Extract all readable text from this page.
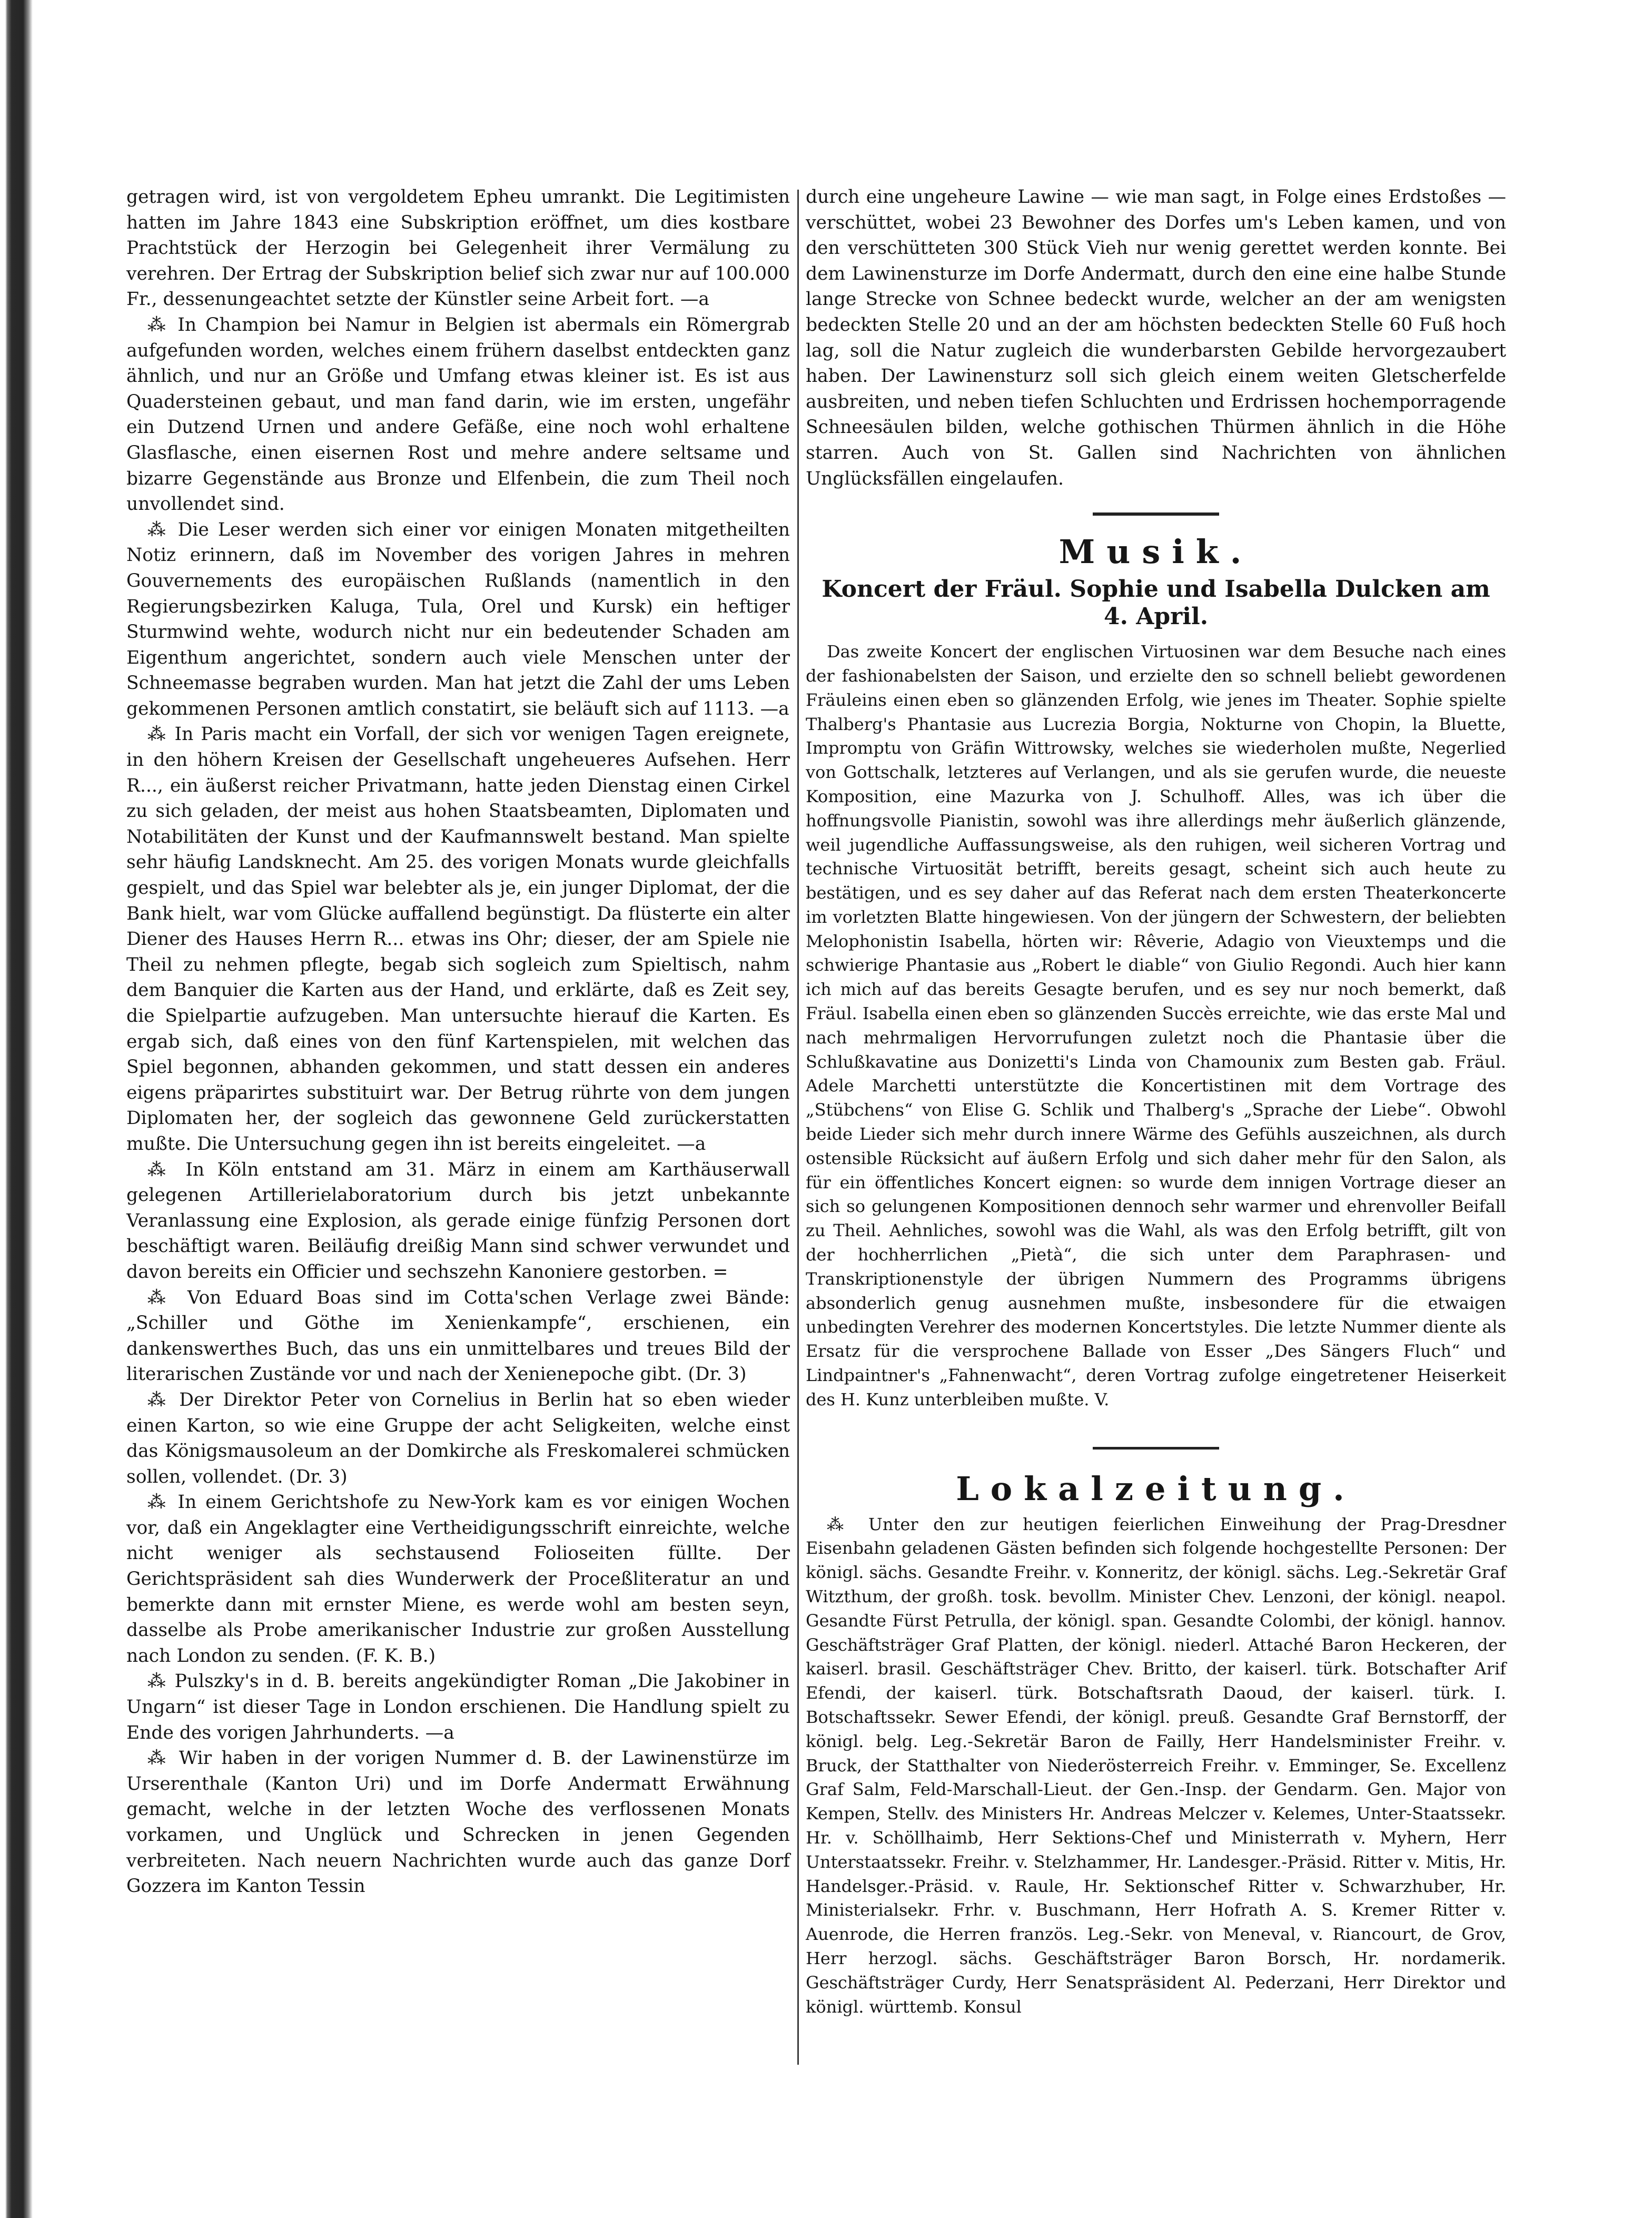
getragen wird, ist von vergoldetem Epheu umrankt. Die Legitimisten hatten im Jahre 1843 eine Subskription eröffnet, um dies kostbare Prachtstück der Herzogin bei Gelegenheit ihrer Vermälung zu verehren. Der Ertrag der Subskription belief sich zwar nur auf 100.000 Fr., dessenungeachtet setzte der Künstler seine Arbeit fort. —a

⁂ In Champion bei Namur in Belgien ist abermals ein Römergrab aufgefunden worden, welches einem frühern daselbst entdeckten ganz ähnlich, und nur an Größe und Umfang etwas kleiner ist. Es ist aus Quadersteinen gebaut, und man fand darin, wie im ersten, ungefähr ein Dutzend Urnen und andere Gefäße, eine noch wohl erhaltene Glasflasche, einen eisernen Rost und mehre andere seltsame und bizarre Gegenstände aus Bronze und Elfenbein, die zum Theil noch unvollendet sind.

⁂ Die Leser werden sich einer vor einigen Monaten mitgetheilten Notiz erinnern, daß im November des vorigen Jahres in mehren Gouvernements des europäischen Rußlands (namentlich in den Regierungsbezirken Kaluga, Tula, Orel und Kursk) ein heftiger Sturmwind wehte, wodurch nicht nur ein bedeutender Schaden am Eigenthum angerichtet, sondern auch viele Menschen unter der Schneemasse begraben wurden. Man hat jetzt die Zahl der ums Leben gekommenen Personen amtlich constatirt, sie beläuft sich auf 1113. —a

⁂ In Paris macht ein Vorfall, der sich vor wenigen Tagen ereignete, in den höhern Kreisen der Gesellschaft ungeheueres Aufsehen. Herr R..., ein äußerst reicher Privatmann, hatte jeden Dienstag einen Cirkel zu sich geladen, der meist aus hohen Staatsbeamten, Diplomaten und Notabilitäten der Kunst und der Kaufmannswelt bestand. Man spielte sehr häufig Landsknecht. Am 25. des vorigen Monats wurde gleichfalls gespielt, und das Spiel war belebter als je, ein junger Diplomat, der die Bank hielt, war vom Glücke auffallend begünstigt. Da flüsterte ein alter Diener des Hauses Herrn R... etwas ins Ohr; dieser, der am Spiele nie Theil zu nehmen pflegte, begab sich sogleich zum Spieltisch, nahm dem Banquier die Karten aus der Hand, und erklärte, daß es Zeit sey, die Spielpartie aufzugeben. Man untersuchte hierauf die Karten. Es ergab sich, daß eines von den fünf Kartenspielen, mit welchen das Spiel begonnen, abhanden gekommen, und statt dessen ein anderes eigens präparirtes substituirt war. Der Betrug rührte von dem jungen Diplomaten her, der sogleich das gewonnene Geld zurückerstatten mußte. Die Untersuchung gegen ihn ist bereits eingeleitet. —a

⁂ In Köln entstand am 31. März in einem am Karthäuserwall gelegenen Artillerielaboratorium durch bis jetzt unbekannte Veranlassung eine Explosion, als gerade einige fünfzig Personen dort beschäftigt waren. Beiläufig dreißig Mann sind schwer verwundet und davon bereits ein Officier und sechszehn Kanoniere gestorben. =

⁂ Von Eduard Boas sind im Cotta'schen Verlage zwei Bände: „Schiller und Göthe im Xenienkampfe“, erschienen, ein dankenswerthes Buch, das uns ein unmittelbares und treues Bild der literarischen Zustände vor und nach der Xenienepoche gibt. (Dr. 3)

⁂ Der Direktor Peter von Cornelius in Berlin hat so eben wieder einen Karton, so wie eine Gruppe der acht Seligkeiten, welche einst das Königsmausoleum an der Domkirche als Freskomalerei schmücken sollen, vollendet. (Dr. 3)

⁂ In einem Gerichtshofe zu New-York kam es vor einigen Wochen vor, daß ein Angeklagter eine Vertheidigungsschrift einreichte, welche nicht weniger als sechstausend Folioseiten füllte. Der Gerichtspräsident sah dies Wunderwerk der Proceßliteratur an und bemerkte dann mit ernster Miene, es werde wohl am besten seyn, dasselbe als Probe amerikanischer Industrie zur großen Ausstellung nach London zu senden. (F. K. B.)

⁂ Pulszky's in d. B. bereits angekündigter Roman „Die Jakobiner in Ungarn“ ist dieser Tage in London erschienen. Die Handlung spielt zu Ende des vorigen Jahrhunderts. —a

⁂ Wir haben in der vorigen Nummer d. B. der Lawinenstürze im Urserenthale (Kanton Uri) und im Dorfe Andermatt Erwähnung gemacht, welche in der letzten Woche des verflossenen Monats vorkamen, und Unglück und Schrecken in jenen Gegenden verbreiteten. Nach neuern Nachrichten wurde auch das ganze Dorf Gozzera im Kanton Tessin

durch eine ungeheure Lawine — wie man sagt, in Folge eines Erdstoßes — verschüttet, wobei 23 Bewohner des Dorfes um's Leben kamen, und von den verschütteten 300 Stück Vieh nur wenig gerettet werden konnte. Bei dem Lawinensturze im Dorfe Andermatt, durch den eine eine halbe Stunde lange Strecke von Schnee bedeckt wurde, welcher an der am wenigsten bedeckten Stelle 20 und an der am höchsten bedeckten Stelle 60 Fuß hoch lag, soll die Natur zugleich die wunderbarsten Gebilde hervorgezaubert haben. Der Lawinensturz soll sich gleich einem weiten Gletscherfelde ausbreiten, und neben tiefen Schluchten und Erdrissen hochemporragende Schneesäulen bilden, welche gothischen Thürmen ähnlich in die Höhe starren. Auch von St. Gallen sind Nachrichten von ähnlichen Unglücksfällen eingelaufen.

Musik.
Koncert der Fräul. Sophie und Isabella Dulcken am
4. April.

Das zweite Koncert der englischen Virtuosinen war dem Besuche nach eines der fashionabelsten der Saison, und erzielte den so schnell beliebt gewordenen Fräuleins einen eben so glänzenden Erfolg, wie jenes im Theater. Sophie spielte Thalberg's Phantasie aus Lucrezia Borgia, Nokturne von Chopin, la Bluette, Impromptu von Gräfin Wittrowsky, welches sie wiederholen mußte, Negerlied von Gottschalk, letzteres auf Verlangen, und als sie gerufen wurde, die neueste Komposition, eine Mazurka von J. Schulhoff. Alles, was ich über die hoffnungsvolle Pianistin, sowohl was ihre allerdings mehr äußerlich glänzende, weil jugendliche Auffassungsweise, als den ruhigen, weil sicheren Vortrag und technische Virtuosität betrifft, bereits gesagt, scheint sich auch heute zu bestätigen, und es sey daher auf das Referat nach dem ersten Theaterkoncerte im vorletzten Blatte hingewiesen. Von der jüngern der Schwestern, der beliebten Melophonistin Isabella, hörten wir: Rêverie, Adagio von Vieuxtemps und die schwierige Phantasie aus „Robert le diable“ von Giulio Regondi. Auch hier kann ich mich auf das bereits Gesagte berufen, und es sey nur noch bemerkt, daß Fräul. Isabella einen eben so glänzenden Succès erreichte, wie das erste Mal und nach mehrmaligen Hervorrufungen zuletzt noch die Phantasie über die Schlußkavatine aus Donizetti's Linda von Chamounix zum Besten gab. Fräul. Adele Marchetti unterstützte die Koncertistinen mit dem Vortrage des „Stübchens“ von Elise G. Schlik und Thalberg's „Sprache der Liebe“. Obwohl beide Lieder sich mehr durch innere Wärme des Gefühls auszeichnen, als durch ostensible Rücksicht auf äußern Erfolg und sich daher mehr für den Salon, als für ein öffentliches Koncert eignen: so wurde dem innigen Vortrage dieser an sich so gelungenen Kompositionen dennoch sehr warmer und ehrenvoller Beifall zu Theil. Aehnliches, sowohl was die Wahl, als was den Erfolg betrifft, gilt von der hochherrlichen „Pietà“, die sich unter dem Paraphrasen- und Transkriptionenstyle der übrigen Nummern des Programms übrigens absonderlich genug ausnehmen mußte, insbesondere für die etwaigen unbedingten Verehrer des modernen Koncertstyles. Die letzte Nummer diente als Ersatz für die versprochene Ballade von Esser „Des Sängers Fluch“ und Lindpaintner's „Fahnenwacht“, deren Vortrag zufolge eingetretener Heiserkeit des H. Kunz unterbleiben mußte. V.

Lokalzeitung.

⁂ Unter den zur heutigen feierlichen Einweihung der Prag-Dresdner Eisenbahn geladenen Gästen befinden sich folgende hochgestellte Personen: Der königl. sächs. Gesandte Freihr. v. Konneritz, der königl. sächs. Leg.-Sekretär Graf Witzthum, der großh. tosk. bevollm. Minister Chev. Lenzoni, der königl. neapol. Gesandte Fürst Petrulla, der königl. span. Gesandte Colombi, der königl. hannov. Geschäftsträger Graf Platten, der königl. niederl. Attaché Baron Heckeren, der kaiserl. brasil. Geschäftsträger Chev. Britto, der kaiserl. türk. Botschafter Arif Efendi, der kaiserl. türk. Botschaftsrath Daoud, der kaiserl. türk. I. Botschaftssekr. Sewer Efendi, der königl. preuß. Gesandte Graf Bernstorff, der königl. belg. Leg.-Sekretär Baron de Failly, Herr Handelsminister Freihr. v. Bruck, der Statthalter von Niederösterreich Freihr. v. Emminger, Se. Excellenz Graf Salm, Feld-Marschall-Lieut. der Gen.-Insp. der Gendarm. Gen. Major von Kempen, Stellv. des Ministers Hr. Andreas Melczer v. Kelemes, Unter-Staatssekr. Hr. v. Schöllhaimb, Herr Sektions-Chef und Ministerrath v. Myhern, Herr Unterstaatssekr. Freihr. v. Stelzhammer, Hr. Landesger.-Präsid. Ritter v. Mitis, Hr. Handelsger.-Präsid. v. Raule, Hr. Sektionschef Ritter v. Schwarzhuber, Hr. Ministerialsekr. Frhr. v. Buschmann, Herr Hofrath A. S. Kremer Ritter v. Auenrode, die Herren französ. Leg.-Sekr. von Meneval, v. Riancourt, de Grov, Herr herzogl. sächs. Geschäftsträger Baron Borsch, Hr. nordamerik. Geschäftsträger Curdy, Herr Senatspräsident Al. Pederzani, Herr Direktor und königl. württemb. Konsul
